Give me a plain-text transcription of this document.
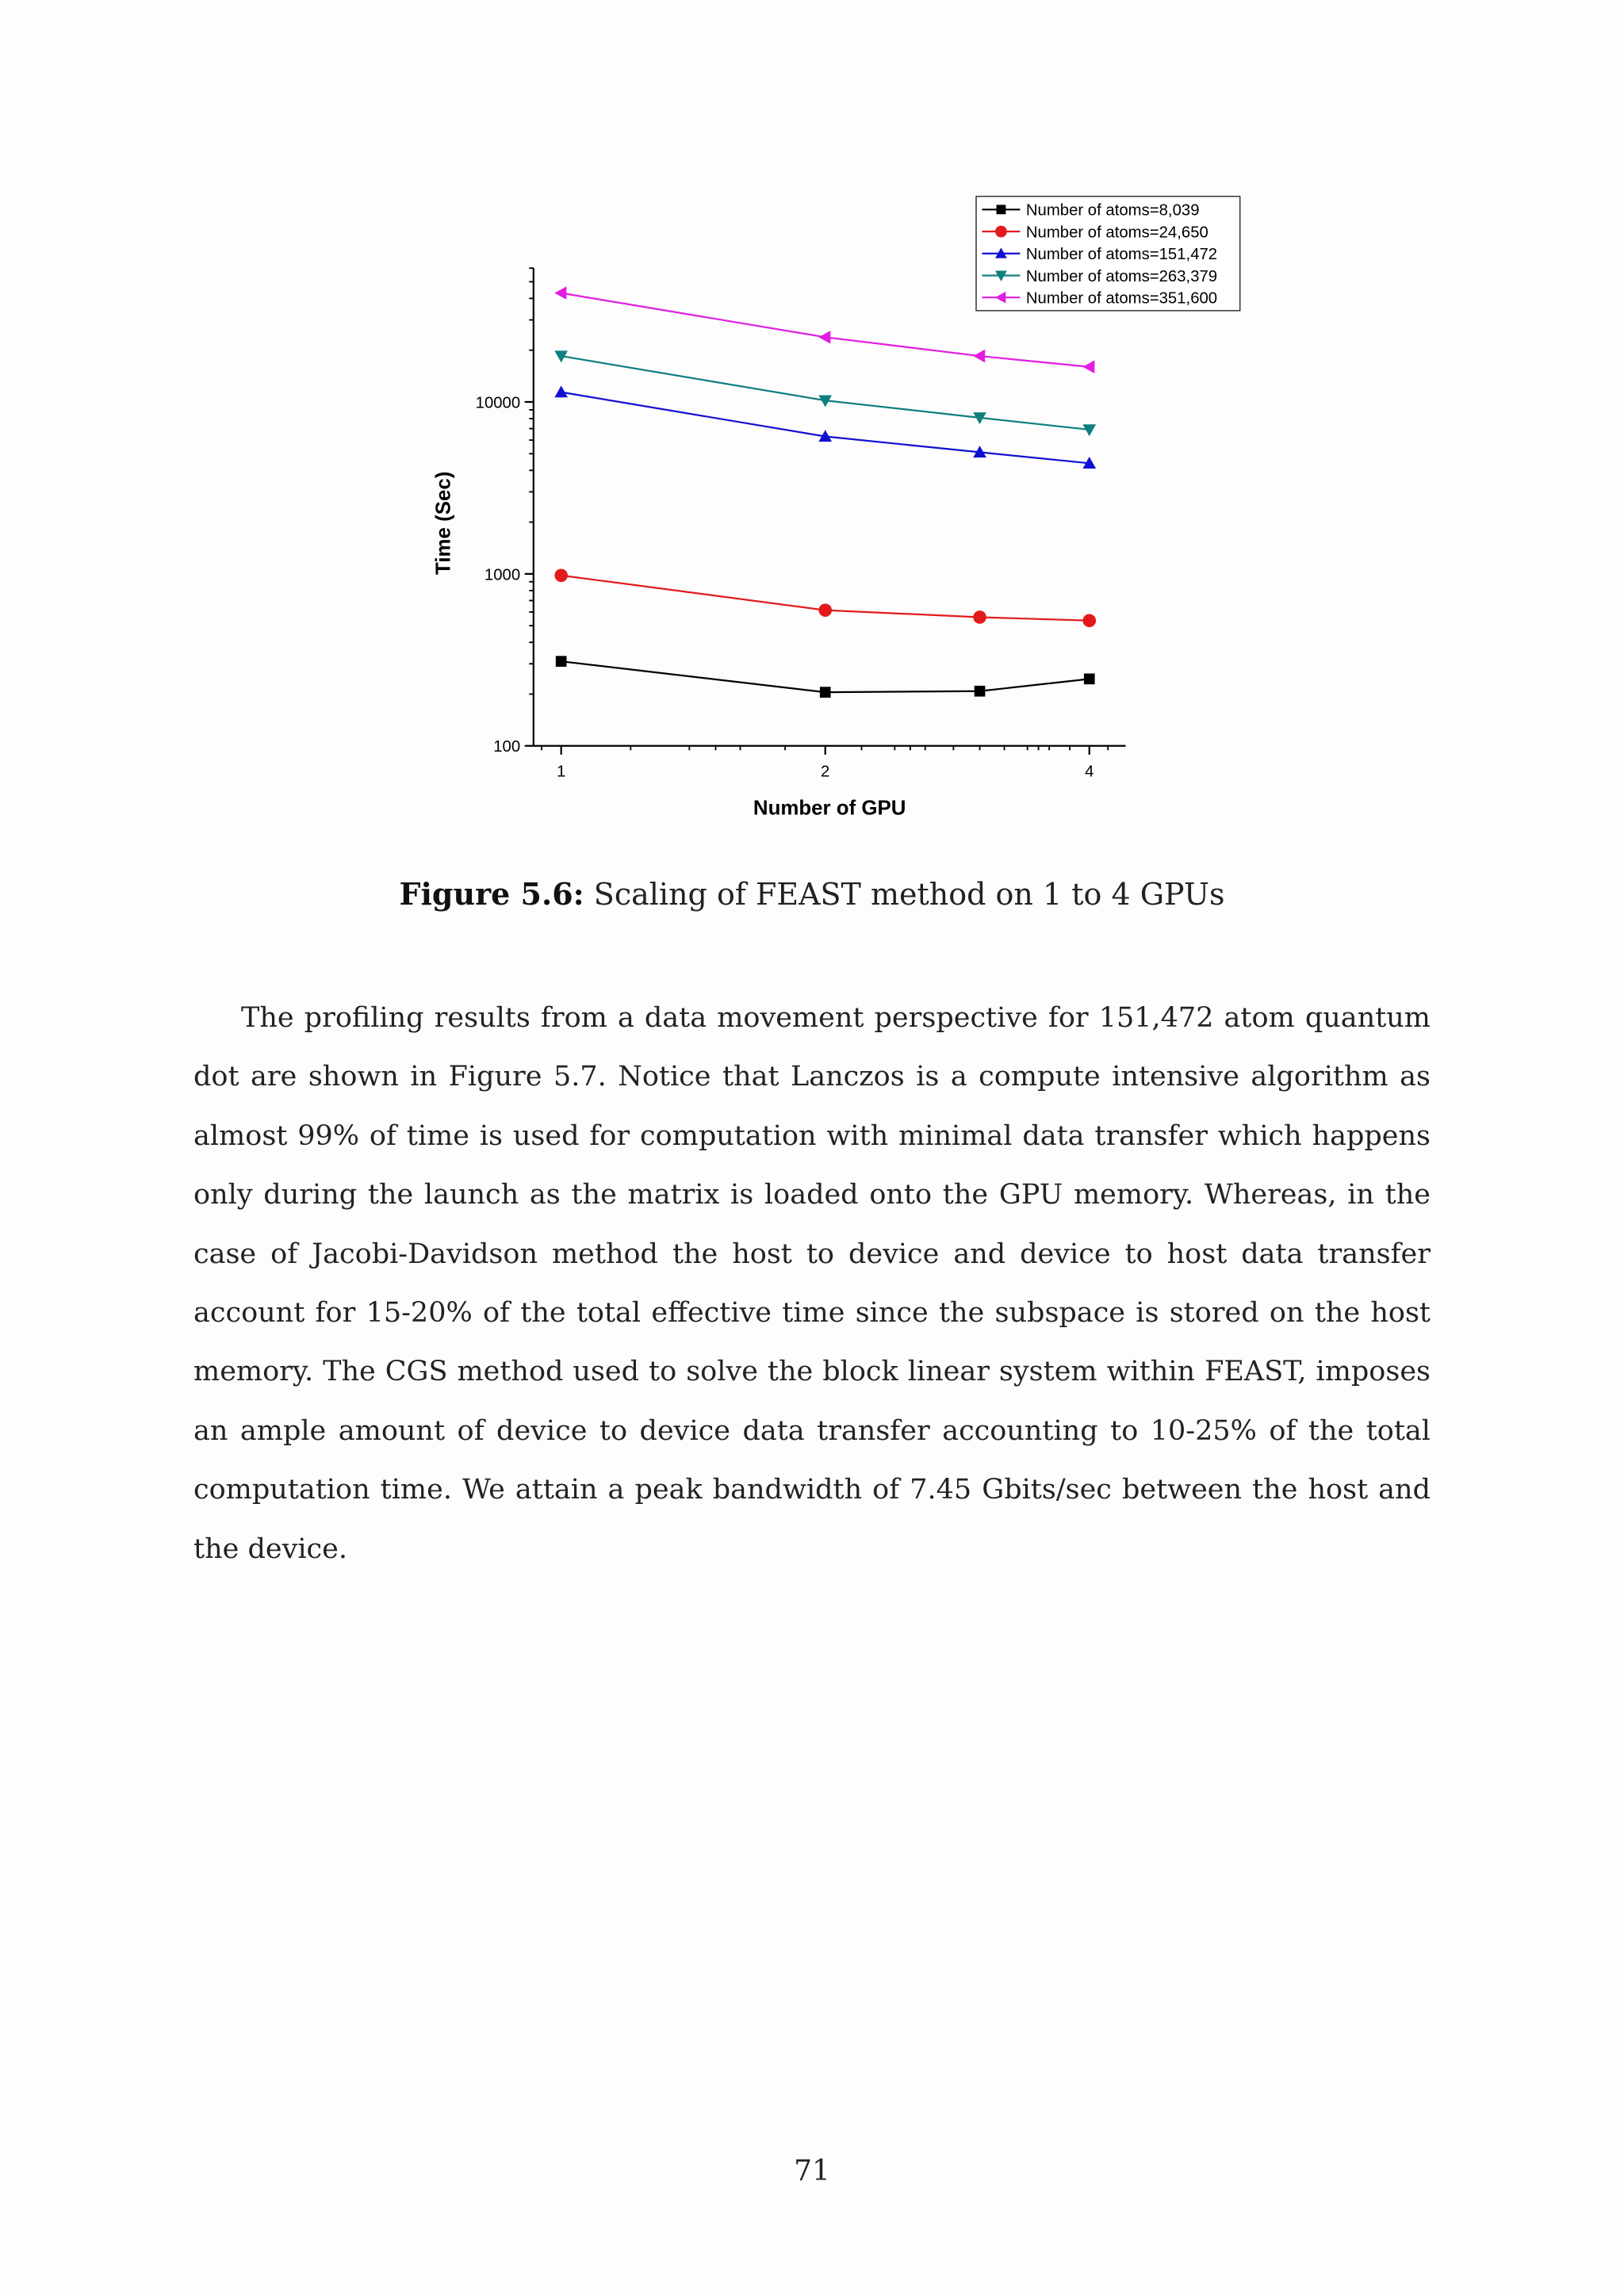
100
1000
10000
1	2	4
Number of GPU
Time (Sec)
Number of atoms=8,039
Number of atoms=24,650
Number of atoms=151,472
Number of atoms=263,379
Number of atoms=351,600

Figure 5.6: Scaling of FEAST method on 1 to 4 GPUs

The profiling results from a data movement perspective for 151,472 atom quantum dot are shown in Figure 5.7. Notice that Lanczos is a compute intensive algorithm as almost 99% of time is used for computation with minimal data transfer which happens only during the launch as the matrix is loaded onto the GPU memory. Whereas, in the case of Jacobi-Davidson method the host to device and device to host data transfer account for 15-20% of the total effective time since the subspace is stored on the host memory. The CGS method used to solve the block linear system within FEAST, imposes an ample amount of device to device data transfer accounting to 10-25% of the total computation time. We attain a peak bandwidth of 7.45 Gbits/sec between the host and the device.

71
